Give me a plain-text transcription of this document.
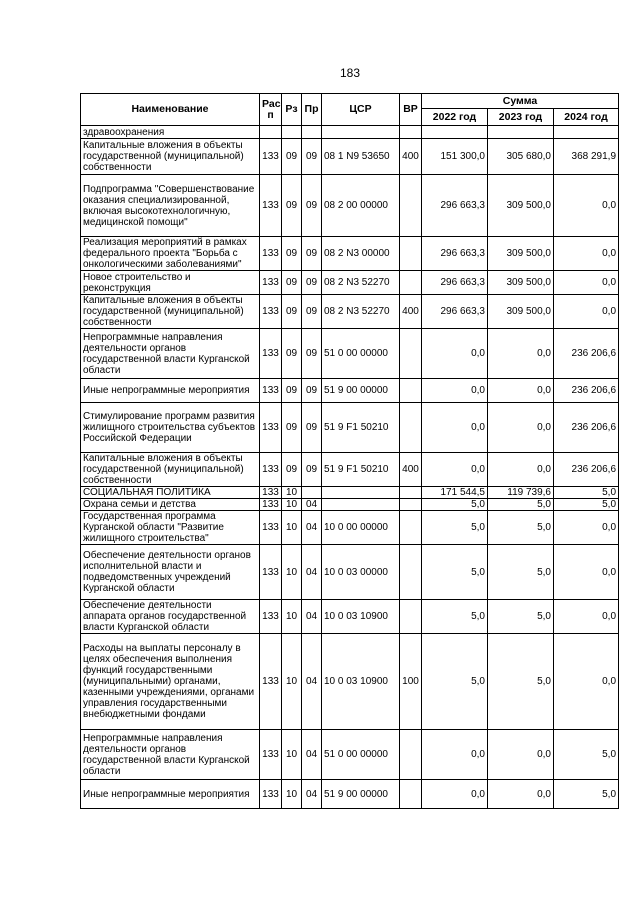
183
Наименование	Рас п	Рз	Пр	ЦСР	ВР	Сумма		
						2022 год	2023 год	2024 год
здравоохранения								
Капитальные вложения в объекты государственной (муниципальной) собственности	133	09	09	08 1 N9 53650	400	151 300,0	305 680,0	368 291,9
Подпрограмма "Совершенствование оказания специализированной, включая высокотехнологичную, медицинской помощи"	133	09	09	08 2 00 00000		296 663,3	309 500,0	0,0
Реализация мероприятий в рамках федерального проекта "Борьба с онкологическими заболеваниями"	133	09	09	08 2 N3 00000		296 663,3	309 500,0	0,0
Новое строительство и реконструкция	133	09	09	08 2 N3 52270		296 663,3	309 500,0	0,0
Капитальные вложения в объекты государственной (муниципальной) собственности	133	09	09	08 2 N3 52270	400	296 663,3	309 500,0	0,0
Непрограммные направления деятельности органов государственной власти Курганской области	133	09	09	51 0 00 00000		0,0	0,0	236 206,6
Иные непрограммные мероприятия	133	09	09	51 9 00 00000		0,0	0,0	236 206,6
Стимулирование программ развития жилищного строительства субъектов Российской Федерации	133	09	09	51 9 F1 50210		0,0	0,0	236 206,6
Капитальные вложения в объекты государственной (муниципальной) собственности	133	09	09	51 9 F1 50210	400	0,0	0,0	236 206,6
СОЦИАЛЬНАЯ ПОЛИТИКА	133	10				171 544,5	119 739,6	5,0
Охрана семьи и детства	133	10	04			5,0	5,0	5,0
Государственная программа Курганской области "Развитие жилищного строительства"	133	10	04	10 0 00 00000		5,0	5,0	0,0
Обеспечение деятельности органов исполнительной власти и подведомственных учреждений Курганской области	133	10	04	10 0 03 00000		5,0	5,0	0,0
Обеспечение деятельности аппарата органов государственной власти Курганской области	133	10	04	10 0 03 10900		5,0	5,0	0,0
Расходы на выплаты персоналу в целях обеспечения выполнения функций государственными (муниципальными) органами, казенными учреждениями, органами управления государственными внебюджетными фондами	133	10	04	10 0 03 10900	100	5,0	5,0	0,0
Непрограммные направления деятельности органов государственной власти Курганской области	133	10	04	51 0 00 00000		0,0	0,0	5,0
Иные непрограммные мероприятия	133	10	04	51 9 00 00000		0,0	0,0	5,0
